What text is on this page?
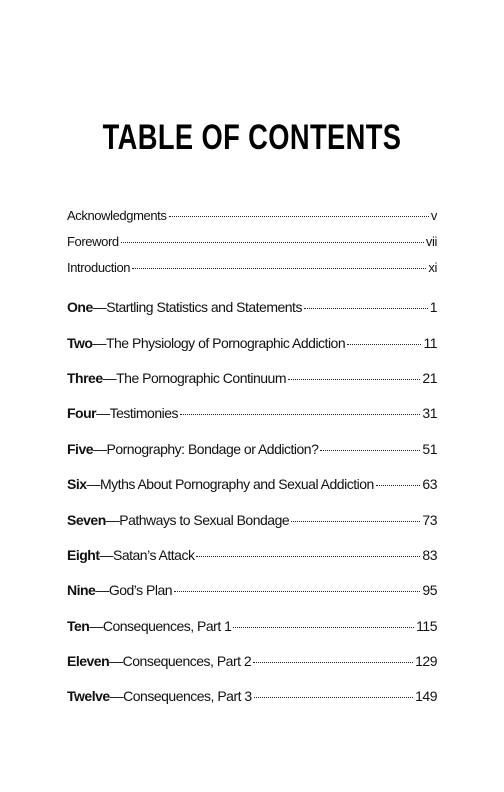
TABLE OF CONTENTS
Acknowledgments	v
Foreword	vii
Introduction	xi
One —Startling Statistics and Statements	1
Two —The Physiology of Pornographic Addiction	11
Three —The Pornographic Continuum	21
Four —Testimonies	31
Five —Pornography: Bondage or Addiction?	51
Six —Myths About Pornography and Sexual Addiction	63
Seven —Pathways to Sexual Bondage	73
Eight —Satan’s Attack	83
Nine —God’s Plan	95
Ten —Consequences, Part 1	115
Eleven —Consequences, Part 2	129
Twelve —Consequences, Part 3	149
